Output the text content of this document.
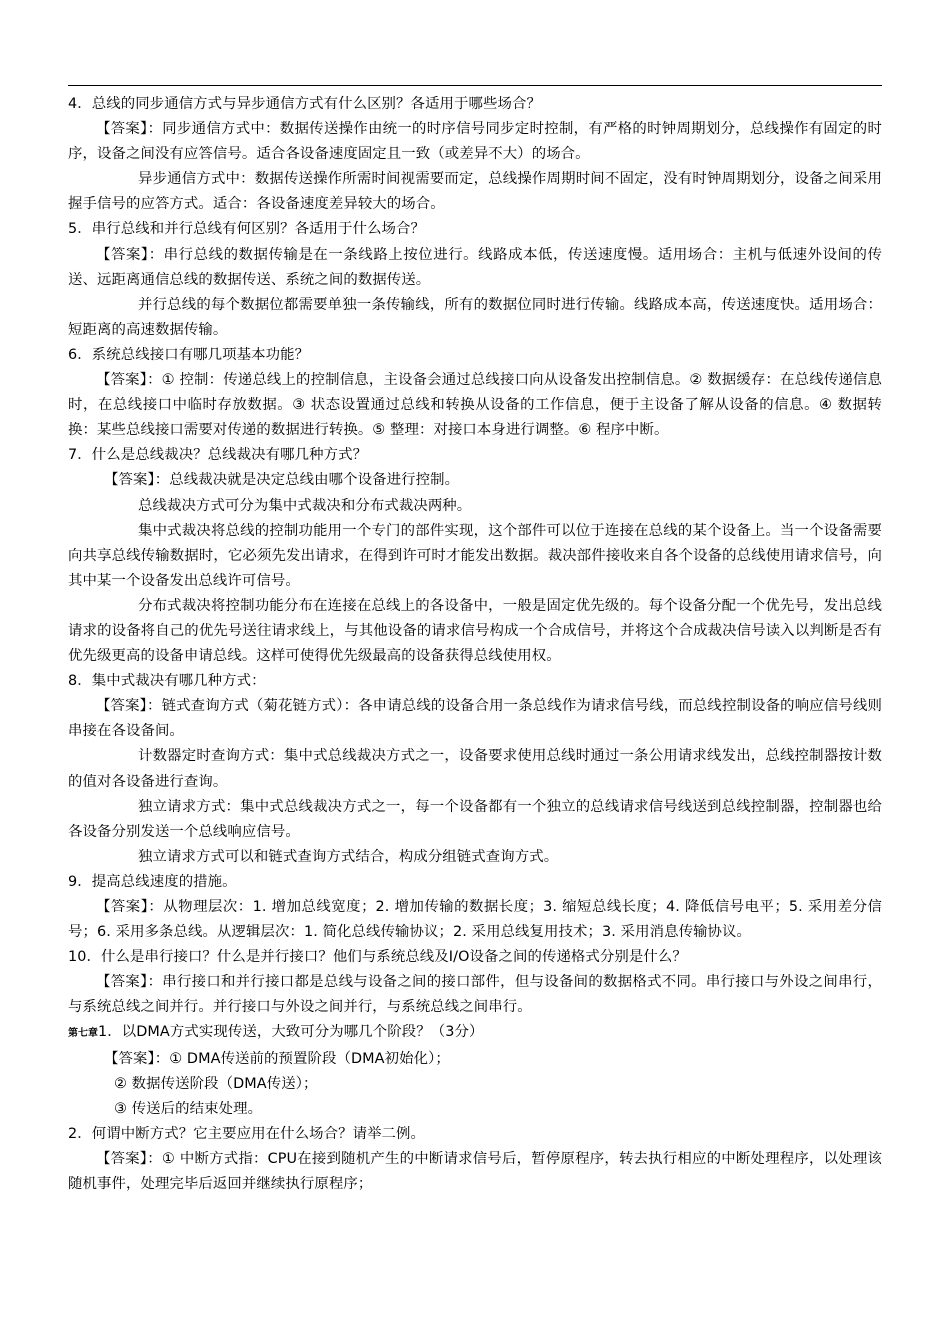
4．总线的同步通信方式与异步通信方式有什么区别？各适用于哪些场合？

【答案】：同步通信方式中：数据传送操作由统一的时序信号同步定时控制，有严格的时钟周期划分，总线操作有固定的时序，设备之间没有应答信号。适合各设备速度固定且一致（或差异不大）的场合。

异步通信方式中：数据传送操作所需时间视需要而定，总线操作周期时间不固定，没有时钟周期划分，设备之间采用握手信号的应答方式。适合：各设备速度差异较大的场合。

5．串行总线和并行总线有何区别？各适用于什么场合？

【答案】：串行总线的数据传输是在一条线路上按位进行。线路成本低，传送速度慢。适用场合：主机与低速外设间的传送、远距离通信总线的数据传送、系统之间的数据传送。

并行总线的每个数据位都需要单独一条传输线，所有的数据位同时进行传输。线路成本高，传送速度快。适用场合：短距离的高速数据传输。

6．系统总线接口有哪几项基本功能？

【答案】：① 控制：传递总线上的控制信息，主设备会通过总线接口向从设备发出控制信息。② 数据缓存：在总线传递信息时，在总线接口中临时存放数据。③ 状态设置通过总线和转换从设备的工作信息，便于主设备了解从设备的信息。④ 数据转换：某些总线接口需要对传递的数据进行转换。⑤ 整理：对接口本身进行调整。⑥ 程序中断。

7．什么是总线裁决？总线裁决有哪几种方式？

【答案】：总线裁决就是决定总线由哪个设备进行控制。

总线裁决方式可分为集中式裁决和分布式裁决两种。

集中式裁决将总线的控制功能用一个专门的部件实现，这个部件可以位于连接在总线的某个设备上。当一个设备需要向共享总线传输数据时，它必须先发出请求，在得到许可时才能发出数据。裁决部件接收来自各个设备的总线使用请求信号，向其中某一个设备发出总线许可信号。

分布式裁决将控制功能分布在连接在总线上的各设备中，一般是固定优先级的。每个设备分配一个优先号，发出总线请求的设备将自己的优先号送往请求线上，与其他设备的请求信号构成一个合成信号，并将这个合成裁决信号读入以判断是否有优先级更高的设备申请总线。这样可使得优先级最高的设备获得总线使用权。

8．集中式裁决有哪几种方式：

【答案】：链式查询方式（菊花链方式）：各申请总线的设备合用一条总线作为请求信号线，而总线控制设备的响应信号线则串接在各设备间。

计数器定时查询方式：集中式总线裁决方式之一，设备要求使用总线时通过一条公用请求线发出，总线控制器按计数的值对各设备进行查询。

独立请求方式：集中式总线裁决方式之一，每一个设备都有一个独立的总线请求信号线送到总线控制器，控制器也给各设备分别发送一个总线响应信号。

独立请求方式可以和链式查询方式结合，构成分组链式查询方式。

9．提高总线速度的措施。

【答案】：从物理层次：1. 增加总线宽度；2. 增加传输的数据长度；3. 缩短总线长度；4. 降低信号电平；5. 采用差分信号；6. 采用多条总线。从逻辑层次：1. 简化总线传输协议；2. 采用总线复用技术；3. 采用消息传输协议。

10．什么是串行接口？什么是并行接口？他们与系统总线及I/O设备之间的传递格式分别是什么？

【答案】：串行接口和并行接口都是总线与设备之间的接口部件，但与设备间的数据格式不同。串行接口与外设之间串行，与系统总线之间并行。并行接口与外设之间并行，与系统总线之间串行。

第七章1．以DMA方式实现传送，大致可分为哪几个阶段？（3分）

【答案】：① DMA传送前的预置阶段（DMA初始化）；

② 数据传送阶段（DMA传送）；

③ 传送后的结束处理。

2．何谓中断方式？它主要应用在什么场合？请举二例。

【答案】：① 中断方式指：CPU在接到随机产生的中断请求信号后，暂停原程序，转去执行相应的中断处理程序，以处理该随机事件，处理完毕后返回并继续执行原程序；
